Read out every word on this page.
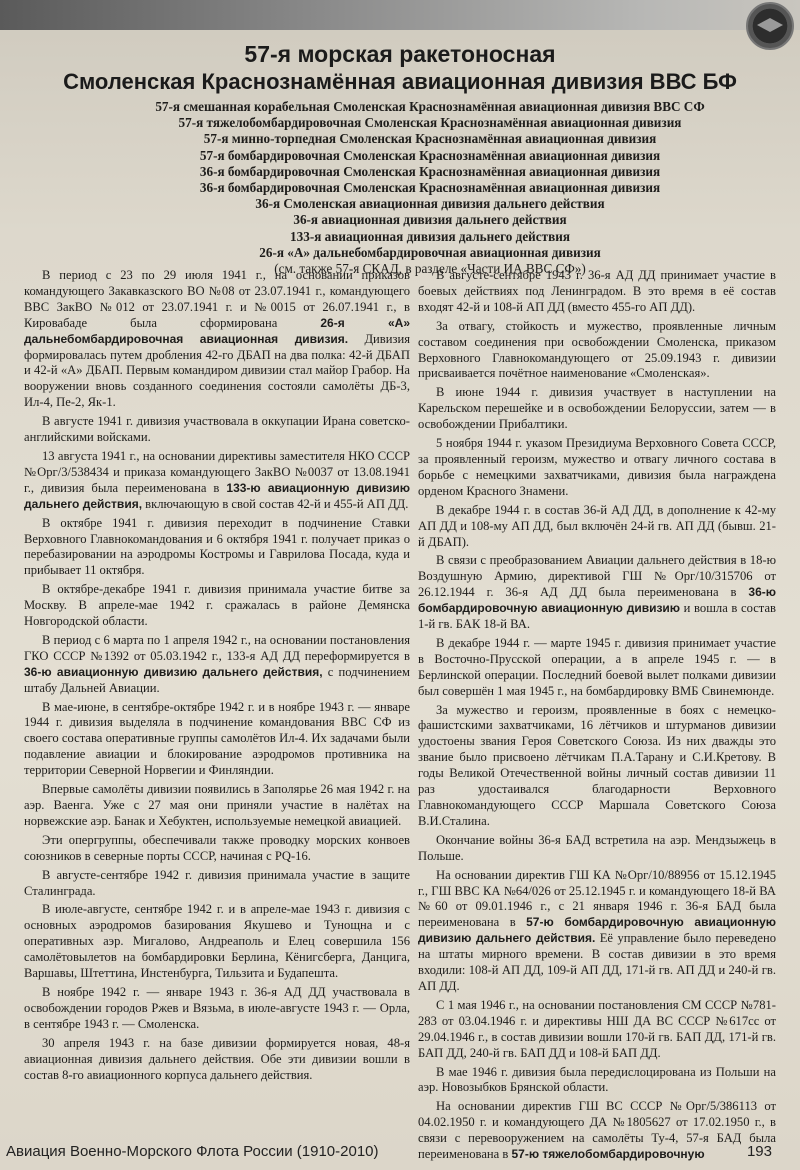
57-я морская ракетоносная
Смоленская Краснознамённая авиационная дивизия ВВС БФ
57-я смешанная корабельная Смоленская Краснознамённая авиационная дивизия ВВС СФ
57-я тяжелобомбардировочная Смоленская Краснознамённая авиационная дивизия
57-я минно-торпедная Смоленская Краснознамённая авиационная дивизия
57-я бомбардировочная Смоленская Краснознамённая авиационная дивизия
36-я бомбардировочная Смоленская Краснознамённая авиационная дивизия
36-я бомбардировочная Смоленская Краснознамённая авиационная дивизия
36-я Смоленская авиационная дивизия дальнего действия
36-я авиационная дивизия дальнего действия
133-я авиационная дивизия дальнего действия
26-я «А» дальнебомбардировочная авиационная дивизия
(см. также 57-я СКАД, в разделе «Части ИА ВВС СФ»)

В период с 23 по 29 июля 1941 г., на основании приказов командующего Закавказского ВО №08 от 23.07.1941 г., командующего ВВС ЗакВО №012 от 23.07.1941 г. и №0015 от 26.07.1941 г., в Кировабаде была сформирована 26-я «А» дальнебомбардировочная авиационная дивизия. Дивизия формировалась путем дробления 42-го ДБАП на два полка: 42-й ДБАП и 42-й «А» ДБАП. Первым командиром дивизии стал майор Грабор. На вооружении вновь созданного соединения состояли самолёты ДБ-3, Ил-4, Пе-2, Як-1.

В августе 1941 г. дивизия участвовала в оккупации Ирана советско-английскими войсками.

13 августа 1941 г., на основании директивы заместителя НКО СССР №Орг/3/538434 и приказа командующего ЗакВО №0037 от 13.08.1941 г., дивизия была переименована в 133-ю авиационную дивизию дальнего действия, включающую в свой состав 42-й и 455-й АП ДД.

В октябре 1941 г. дивизия переходит в подчинение Ставки Верховного Главнокомандования и 6 октября 1941 г. получает приказ о перебазировании на аэродромы Костромы и Гаврилова Посада, куда и прибывает 11 октября.

В октябре-декабре 1941 г. дивизия принимала участие битве за Москву. В апреле-мае 1942 г. сражалась в районе Демянска Новгородской области.

В период с 6 марта по 1 апреля 1942 г., на основании постановления ГКО СССР №1392 от 05.03.1942 г., 133-я АД ДД переформируется в 36-ю авиационную дивизию дальнего действия, с подчинением штабу Дальней Авиации.

В мае-июне, в сентябре-октябре 1942 г. и в ноябре 1943 г. — январе 1944 г. дивизия выделяла в подчинение командования ВВС СФ из своего состава оперативные группы самолётов Ил-4. Их задачами были подавление авиации и блокирование аэродромов противника на территории Северной Норвегии и Финляндии.

Впервые самолёты дивизии появились в Заполярье 26 мая 1942 г. на аэр. Ваенга. Уже с 27 мая они приняли участие в налётах на норвежские аэр. Банак и Хебуктен, используемые немецкой авиацией.

Эти опергруппы, обеспечивали также проводку морских конвоев союзников в северные порты СССР, начиная с PQ-16.

В августе-сентябре 1942 г. дивизия принимала участие в защите Сталинграда.

В июле-августе, сентябре 1942 г. и в апреле-мае 1943 г. дивизия с основных аэродромов базирования Якушево и Тунощна и с оперативных аэр. Мигалово, Андреаполь и Елец совершила 156 самолётовылетов на бомбардировки Берлина, Кёнигсберга, Данцига, Варшавы, Штеттина, Инстенбурга, Тильзита и Будапешта.

В ноябре 1942 г. — январе 1943 г. 36-я АД ДД участвовала в освобождении городов Ржев и Вязьма, в июле-августе 1943 г. — Орла, в сентябре 1943 г. — Смоленска.

30 апреля 1943 г. на базе дивизии формируется новая, 48-я авиационная дивизия дальнего действия. Обе эти дивизии вошли в состав 8-го авиационного корпуса дальнего действия.

В августе-сентябре 1943 г. 36-я АД ДД принимает участие в боевых действиях под Ленинградом. В это время в её состав входят 42-й и 108-й АП ДД (вместо 455-го АП ДД).

За отвагу, стойкость и мужество, проявленные личным составом соединения при освобождении Смоленска, приказом Верховного Главнокомандующего от 25.09.1943 г. дивизии присваивается почётное наименование «Смоленская».

В июне 1944 г. дивизия участвует в наступлении на Карельском перешейке и в освобождении Белоруссии, затем — в освобождении Прибалтики.

5 ноября 1944 г. указом Президиума Верховного Совета СССР, за проявленный героизм, мужество и отвагу личного состава в борьбе с немецкими захватчиками, дивизия была награждена орденом Красного Знамени.

В декабре 1944 г. в состав 36-й АД ДД, в дополнение к 42-му АП ДД и 108-му АП ДД, был включён 24-й гв. АП ДД (бывш. 21-й ДБАП).

В связи с преобразованием Авиации дальнего действия в 18-ю Воздушную Армию, директивой ГШ №Орг/10/315706 от 26.12.1944 г. 36-я АД ДД была переименована в 36-ю бомбардировочную авиационную дивизию и вошла в состав 1-й гв. БАК 18-й ВА.

В декабре 1944 г. — марте 1945 г. дивизия принимает участие в Восточно-Прусской операции, а в апреле 1945 г. — в Берлинской операции. Последний боевой вылет полками дивизии был совершён 1 мая 1945 г., на бомбардировку ВМБ Свинемюнде.

За мужество и героизм, проявленные в боях с немецко-фашистскими захватчиками, 16 лётчиков и штурманов дивизии удостоены звания Героя Советского Союза. Из них дважды это звание было присвоено лётчикам П.А.Тарану и С.И.Кретову. В годы Великой Отечественной войны личный состав дивизии 11 раз удостаивался благодарности Верховного Главнокомандующего СССР Маршала Советского Союза В.И.Сталина.

Окончание войны 36-я БАД встретила на аэр. Мендзыжець в Польше.

На основании директив ГШ КА №Орг/10/88956 от 15.12.1945 г., ГШ ВВС КА №64/026 от 25.12.1945 г. и командующего 18-й ВА №60 от 09.01.1946 г., с 21 января 1946 г. 36-я БАД была переименована в 57-ю бомбардировочную авиационную дивизию дальнего действия. Её управление было переведено на штаты мирного времени. В состав дивизии в это время входили: 108-й АП ДД, 109-й АП ДД, 171-й гв. АП ДД и 240-й гв. АП ДД.

С 1 мая 1946 г., на основании постановления СМ СССР №781-283 от 03.04.1946 г. и директивы НШ ДА ВС СССР №617сс от 29.04.1946 г., в состав дивизии вошли 170-й гв. БАП ДД, 171-й гв. БАП ДД, 240-й гв. БАП ДД и 108-й БАП ДД.

В мае 1946 г. дивизия была передислоцирована из Польши на аэр. Новозыбков Брянской области.

На основании директив ГШ ВС СССР №Орг/5/386113 от 04.02.1950 г. и командующего ДА №1805627 от 17.02.1950 г., в связи с перевооружением на самолёты Ту-4, 57-я БАД была переименована в 57-ю тяжелобомбардировочную

Авиация Военно-Морского Флота России (1910-2010)	193
